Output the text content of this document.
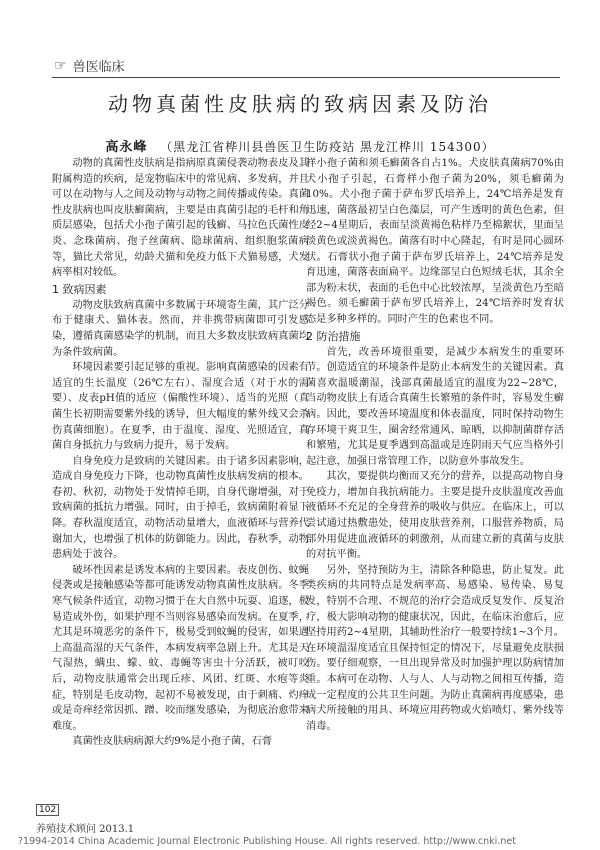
☞ 兽医临床
动物真菌性皮肤病的致病因素及防治
高永峰 （黑龙江省桦川县兽医卫生防疫站 黑龙江桦川 154300）

动物的真菌性皮肤病是指病原真菌侵袭动物表皮及其附属构造的疾病，是宠物临床中的常见病、多发病，并且可以在动物与人之间及动物与动物之间传播或传染。真菌性皮肤病也叫皮肤癣菌病，主要是由真菌引起的毛杆和角质层感染，包括犬小孢子菌引起的钱癣、马拉色氏菌性皮炎、念珠菌病、孢子丝菌病、隐球菌病、组织胞浆菌病等，猫比犬常见，幼龄犬猫和免疫力低下犬猫易感，犬发病率相对较低。

1 致病因素

动物皮肤致病真菌中多数属于环境寄生菌，其广泛分布于健康犬、猫体表。然而，并非携带病菌即可引发感染，遵循真菌感染学的机制，而且大多数皮肤致病真菌均为条件致病菌。

环境因素要引起足够的重视。影响真菌感染的因素有适宜的生长温度（26℃左右）、湿度合适（对于水的需要）、皮表pH值的适应（偏酸性环境）、适当的光照（真菌生长初期需要紫外线的诱导，但大幅度的紫外线又会杀伤真菌细胞）。在夏季，由于温度、湿度、光照适宜，真菌自身抵抗力与致病力提升，易于发病。

自身免疫力是致病的关键因素。由于诸多因素影响，造成自身免疫力下降，也动物真菌性皮肤病发病的根本。春初、秋初，动物处于发情掉毛期，自身代谢增强，对于致病菌的抵抗力增强。同时，由于掉毛，致病菌附着显下降。春秋温度适宜，动物活动量增大，血液循环与营养代谢加大，也增强了机体的防御能力。因此，春秋季，动物患病处于波谷。

破坏性因素是诱发本病的主要因素。表皮创伤、蚊蝇侵袭或是接触感染等都可能诱发动物真菌性皮肤病。冬季寒气候条件适宜，动物习惯于在大自然中玩耍、追逐，极易造成外伤，如果护理不当则容易感染而发病。在夏季，尤其是环境恶劣的条件下，极易受到蚊蝇的侵害，如果遇上高温高湿的天气条件，本病发病率急剧上升。尤其是天气湿热，螨虫、蠓、蚊、毒蝇等害虫十分活跃，被叮咬后，动物皮肤通常会出现丘疹、风团、红斑、水疱等炎症，特别是毛皮动物，起初不易被发现，由于刺痛、灼痒或是奇痒经常因抓、蹭、咬而继发感染，为彻底治愈带来难度。

真菌性皮肤病病源大约9%是小孢子菌，石膏

样小孢子菌和须毛癣菌各自占1%。犬皮肤真菌病70%由犬小孢子引起，石膏样小孢子菌为20%，须毛癣菌为10%。犬小孢子菌于萨布罗氏培养上，24℃培养是发育迅速，菌落最初呈白色藻层，可产生透明的黄色色素，但经2~4星期后，表面呈淡黄褐色粘样乃至棉絮状，里面呈淡黄色或淡黄褐色。菌落有时中心隆起，有时是同心圆环状。石膏状小孢子菌于萨布罗氏培养上，24℃培养是发育迅速，菌落表面扁平。边缘部呈白色短绒毛状，其余全部为粉末状，表面的毛色中心比较浓厚，呈淡黄色乃至暗褐色。须毛癣菌于萨布罗氏培养上，24℃培养时发育状态是多种多样的。同时产生的色素也不同。

2 防治措施

首先，改善环境很重要，是减少本病发生的重要环节。创造适宜的环境条件是防止本病发生的关键因素。真菌喜欢温暖潮湿，浅部真菌最适宜的温度为22~28℃，当动物皮肤上有适合真菌生长繁殖的条件时，容易发生癣病。因此，要改善环境温度和体表温度，同时保持动物生存环境干爽卫生，圈舍经常通风、晾晒，以抑制菌群存活和繁殖，尤其是夏季遇到高温或是连阴雨天气应当格外引起注意，加强日常管理工作，以防意外事故发生。

其次，要提供均衡而又充分的营养，以提高动物自身免疫力，增加自我抗病能力。主要是提升皮肤温度改善血液循环不充足的全身营养的吸收与供应。在临床上，可以尝试通过热敷患处，使用皮肤营养剂，口服营养物质，局部外用促进血液循环的刺激剂，从而建立新的真菌与皮肤的对抗平衡。

另外，坚持预防为主，清除各种隐患，防止复发。此类疾病的共同特点是发病率高、易感染、易传染、易复发，特别不合理、不规范的治疗会造成反复发作、反复治疗，极大影响动物的健康状况，因此，在临床治愈后，应坚持用药2~4星期，其辅助性治疗一般要持续1~3个月。在环境温湿度适宜且保持恒定的情况下，尽量避免皮肤损伤。要仔细观察，一旦出现异常及时加强护理以防病情加重。本病可在动物、人与人、人与动物之间相互传播，造成一定程度的公共卫生问题。为防止真菌病再度感染，患病犬所接触的用具、环境应用药物或火焰喷灯、紫外线等消毒。

102
养殖技术顾问 2013.1
?1994-2014 China Academic Journal Electronic Publishing House. All rights reserved. http://www.cnki.net
